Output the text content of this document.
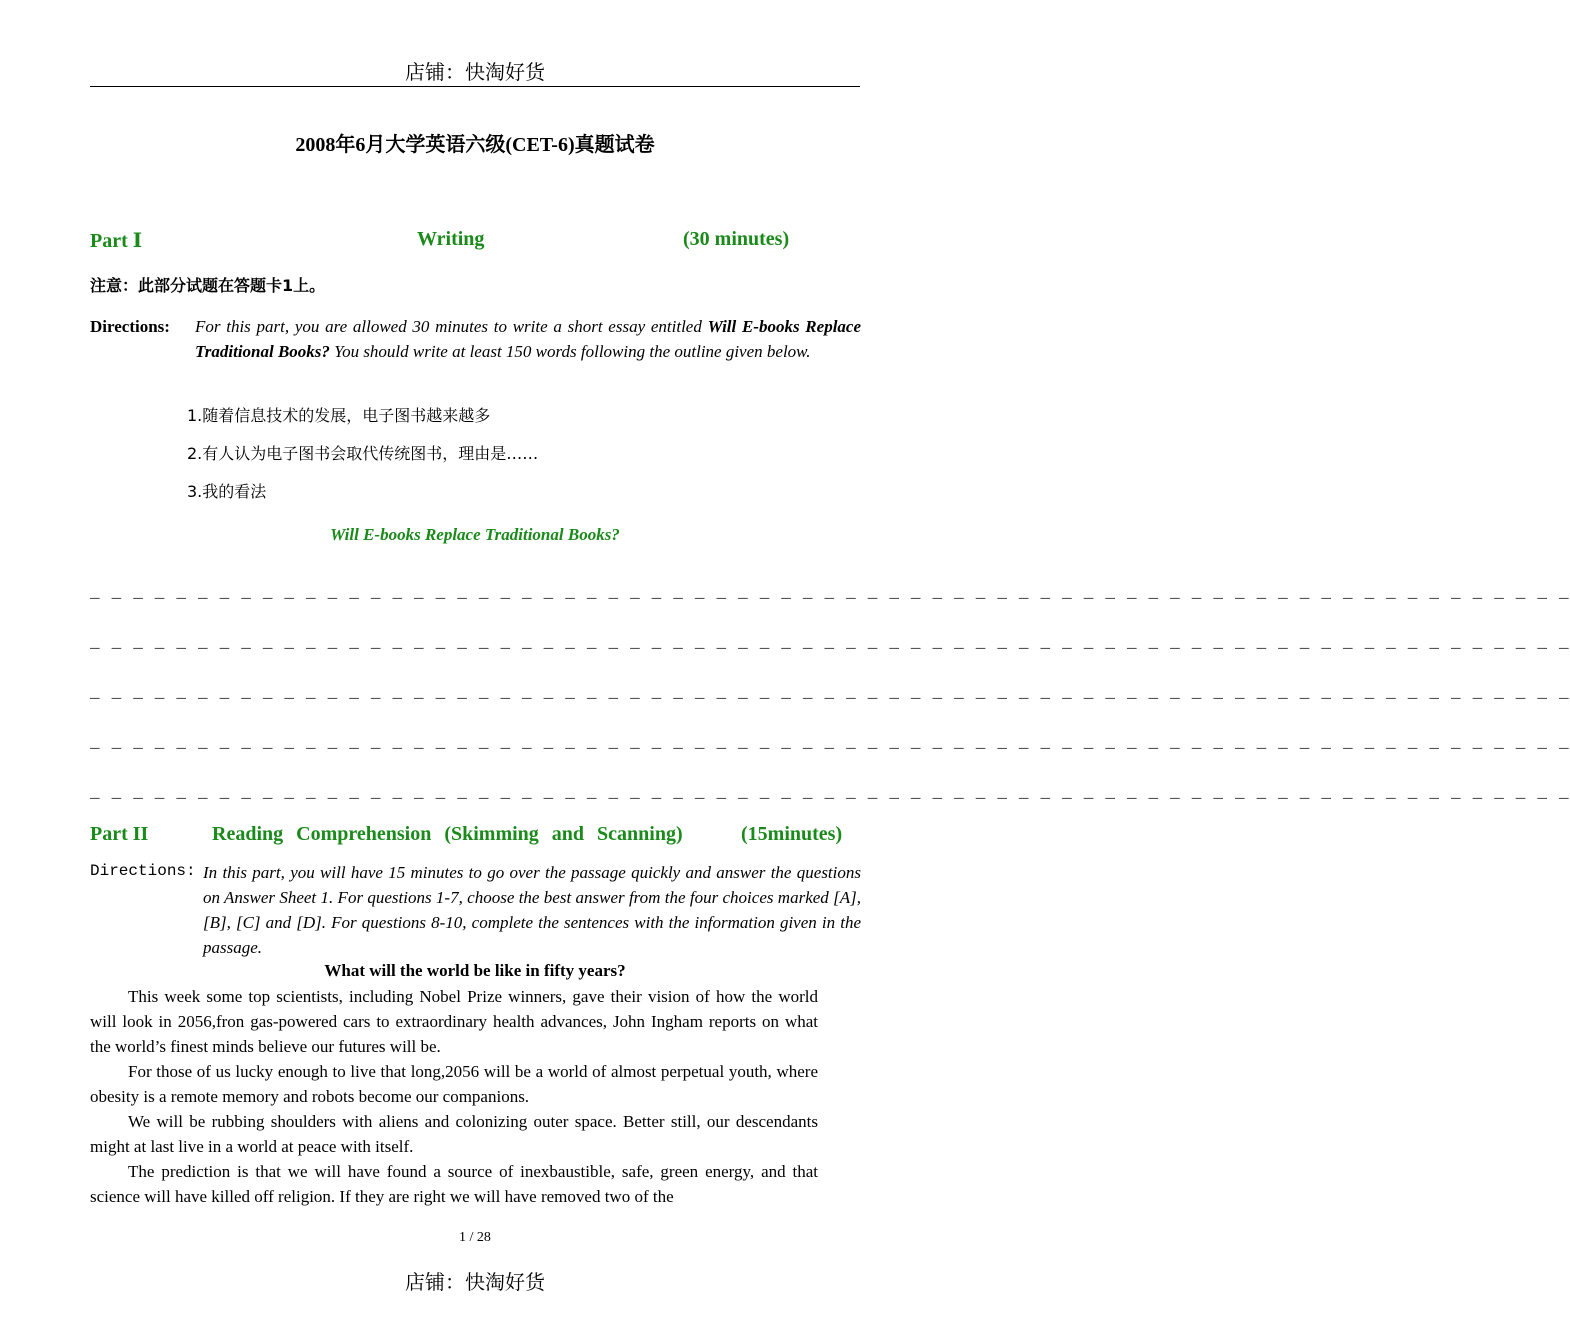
店铺：快淘好货
2008年6月大学英语六级(CET-6)真题试卷
Part Ⅰ	Writing	(30 minutes)
注意：此部分试题在答题卡1上。
Directions: For this part, you are allowed 30 minutes to write a short essay entitled Will E-books Replace Traditional Books? You should write at least 150 words following the outline given below.
1.随着信息技术的发展，电子图书越来越多
2.有人认为电子图书会取代传统图书，理由是……
3.我的看法
Will E-books Replace Traditional Books?
_ _ _ _ _ _ _ _ _ _ _ _ _ _ _ _ _ _ _ _ _ _ _ _ _ _ _ _ _ _ _ _ _ _ _ _ _ _ _ _ _ _ _ _ _ _ _ _ _ _ _ _ _ _ _ _ _ _ _ _ _ _ _ _ _ _ _ _ _
_ _ _ _ _ _ _ _ _ _ _ _ _ _ _ _ _ _ _ _ _ _ _ _ _ _ _ _ _ _ _ _ _ _ _ _ _ _ _ _ _ _ _ _ _ _ _ _ _ _ _ _ _ _ _ _ _ _ _ _ _ _ _ _ _ _ _ _ _
_ _ _ _ _ _ _ _ _ _ _ _ _ _ _ _ _ _ _ _ _ _ _ _ _ _ _ _ _ _ _ _ _ _ _ _ _ _ _ _ _ _ _ _ _ _ _ _ _ _ _ _ _ _ _ _ _ _ _ _ _ _ _ _ _ _ _ _ _
_ _ _ _ _ _ _ _ _ _ _ _ _ _ _ _ _ _ _ _ _ _ _ _ _ _ _ _ _ _ _ _ _ _ _ _ _ _ _ _ _ _ _ _ _ _ _ _ _ _ _ _ _ _ _ _ _ _ _ _ _ _ _ _ _ _ _ _ _
_ _ _ _ _ _ _ _ _ _ _ _ _ _ _ _ _ _ _ _ _ _ _ _ _ _ _ _ _ _ _ _ _ _ _ _ _ _ _ _ _ _ _ _ _ _ _ _ _ _ _ _ _ _ _ _ _ _ _ _ _ _ _ _ _ _ _ _ _
Part II	Reading Comprehension (Skimming and Scanning)	(15minutes)
Directions: In this part, you will have 15 minutes to go over the passage quickly and answer the questions on Answer Sheet 1. For questions 1-7, choose the best answer from the four choices marked [A], [B], [C] and [D]. For questions 8-10, complete the sentences with the information given in the passage.
What will the world be like in fifty years?

This week some top scientists, including Nobel Prize winners, gave their vision of how the world will look in 2056,fron gas-powered cars to extraordinary health advances, John Ingham reports on what the world’s finest minds believe our futures will be.

For those of us lucky enough to live that long,2056 will be a world of almost perpetual youth, where obesity is a remote memory and robots become our companions.

We will be rubbing shoulders with aliens and colonizing outer space. Better still, our descendants might at last live in a world at peace with itself.

The prediction is that we will have found a source of inexbaustible, safe, green energy, and that science will have killed off religion. If they are right we will have removed two of the

1 / 28
店铺：快淘好货
